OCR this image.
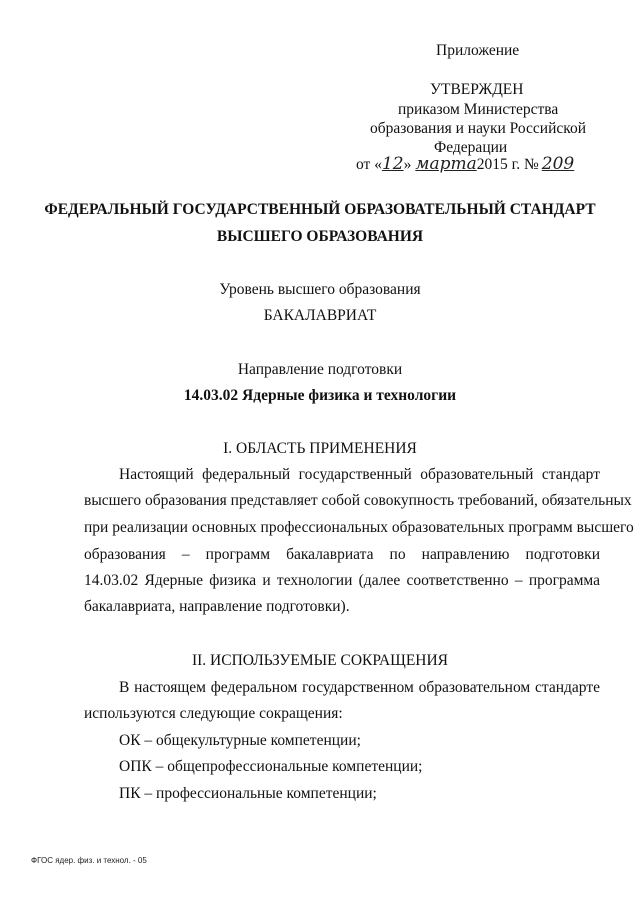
Приложение
УТВЕРЖДЕН
приказом Министерства
образования и науки Российской
Федерации
от «12» марта2015 г. № 209
ФЕДЕРАЛЬНЫЙ ГОСУДАРСТВЕННЫЙ ОБРАЗОВАТЕЛЬНЫЙ СТАНДАРТ
ВЫСШЕГО ОБРАЗОВАНИЯ
Уровень высшего образования
БАКАЛАВРИАТ
Направление подготовки
14.03.02 Ядерные физика и технологии
I. ОБЛАСТЬ ПРИМЕНЕНИЯ
Настоящий федеральный государственный образовательный стандарт
высшего образования представляет собой совокупность требований, обязательных
при реализации основных профессиональных образовательных программ высшего
образования – программ бакалавриата по направлению подготовки
14.03.02 Ядерные физика и технологии (далее соответственно – программа
бакалавриата, направление подготовки).
II. ИСПОЛЬЗУЕМЫЕ СОКРАЩЕНИЯ
В настоящем федеральном государственном образовательном стандарте
используются следующие сокращения:
ОК – общекультурные компетенции;
ОПК – общепрофессиональные компетенции;
ПК – профессиональные компетенции;
ФГОС ядер. физ. и технол. - 05
